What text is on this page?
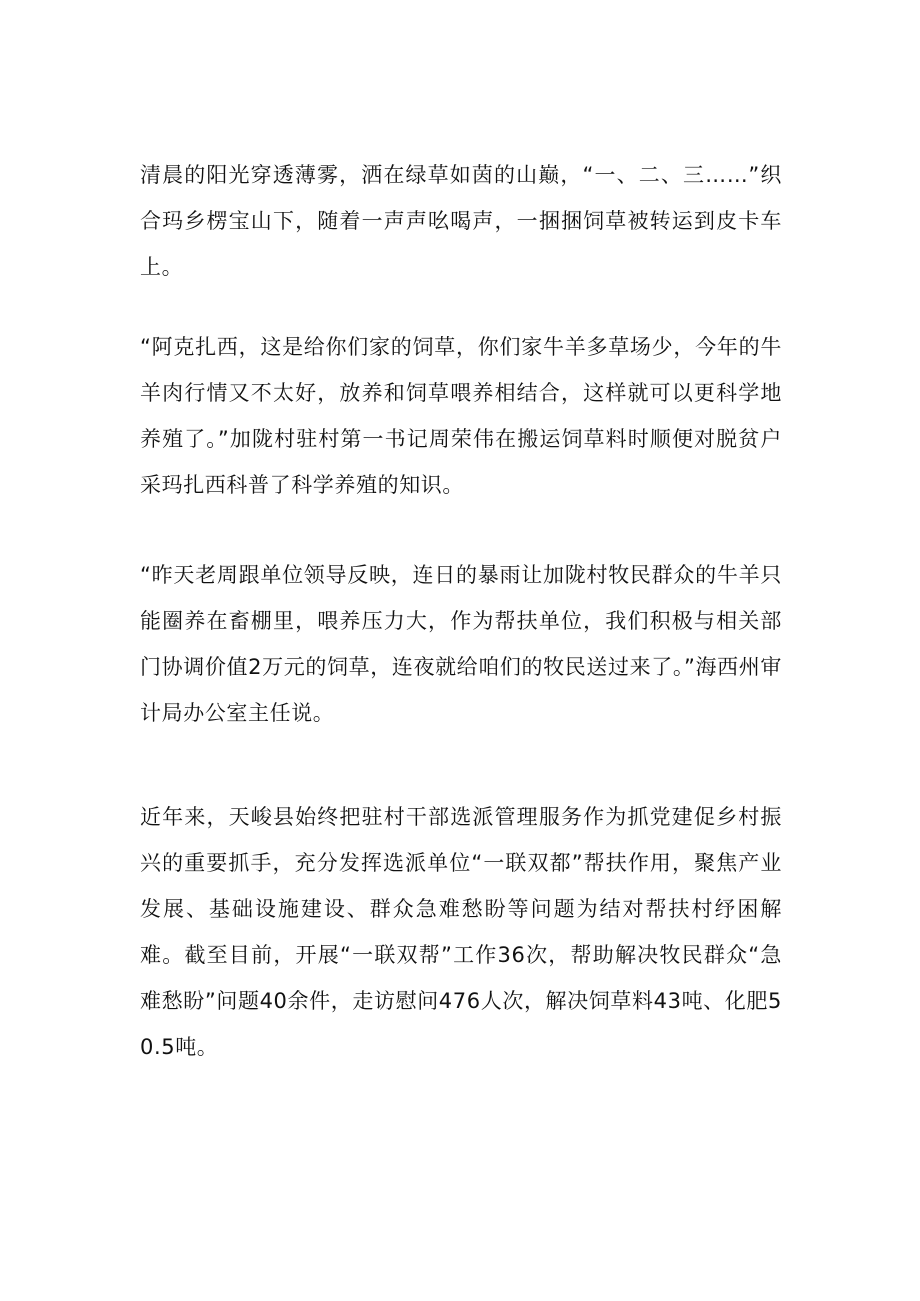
清晨的阳光穿透薄雾，洒在绿草如茵的山巅，“一、二、三……”织合玛乡楞宝山下，随着一声声吆喝声，一捆捆饲草被转运到皮卡车上。

“阿克扎西，这是给你们家的饲草，你们家牛羊多草场少，今年的牛羊肉行情又不太好，放养和饲草喂养相结合，这样就可以更科学地养殖了。”加陇村驻村第一书记周荣伟在搬运饲草料时顺便对脱贫户采玛扎西科普了科学养殖的知识。

“昨天老周跟单位领导反映，连日的暴雨让加陇村牧民群众的牛羊只能圈养在畜棚里，喂养压力大，作为帮扶单位，我们积极与相关部门协调价值2万元的饲草，连夜就给咱们的牧民送过来了。”海西州审计局办公室主任说。

近年来，天峻县始终把驻村干部选派管理服务作为抓党建促乡村振兴的重要抓手，充分发挥选派单位“一联双都”帮扶作用，聚焦产业发展、基础设施建设、群众急难愁盼等问题为结对帮扶村纾困解难。截至目前，开展“一联双帮”工作36次，帮助解决牧民群众“急难愁盼”问题40余件，走访慰问476人次，解决饲草料43吨、化肥50.5吨。
